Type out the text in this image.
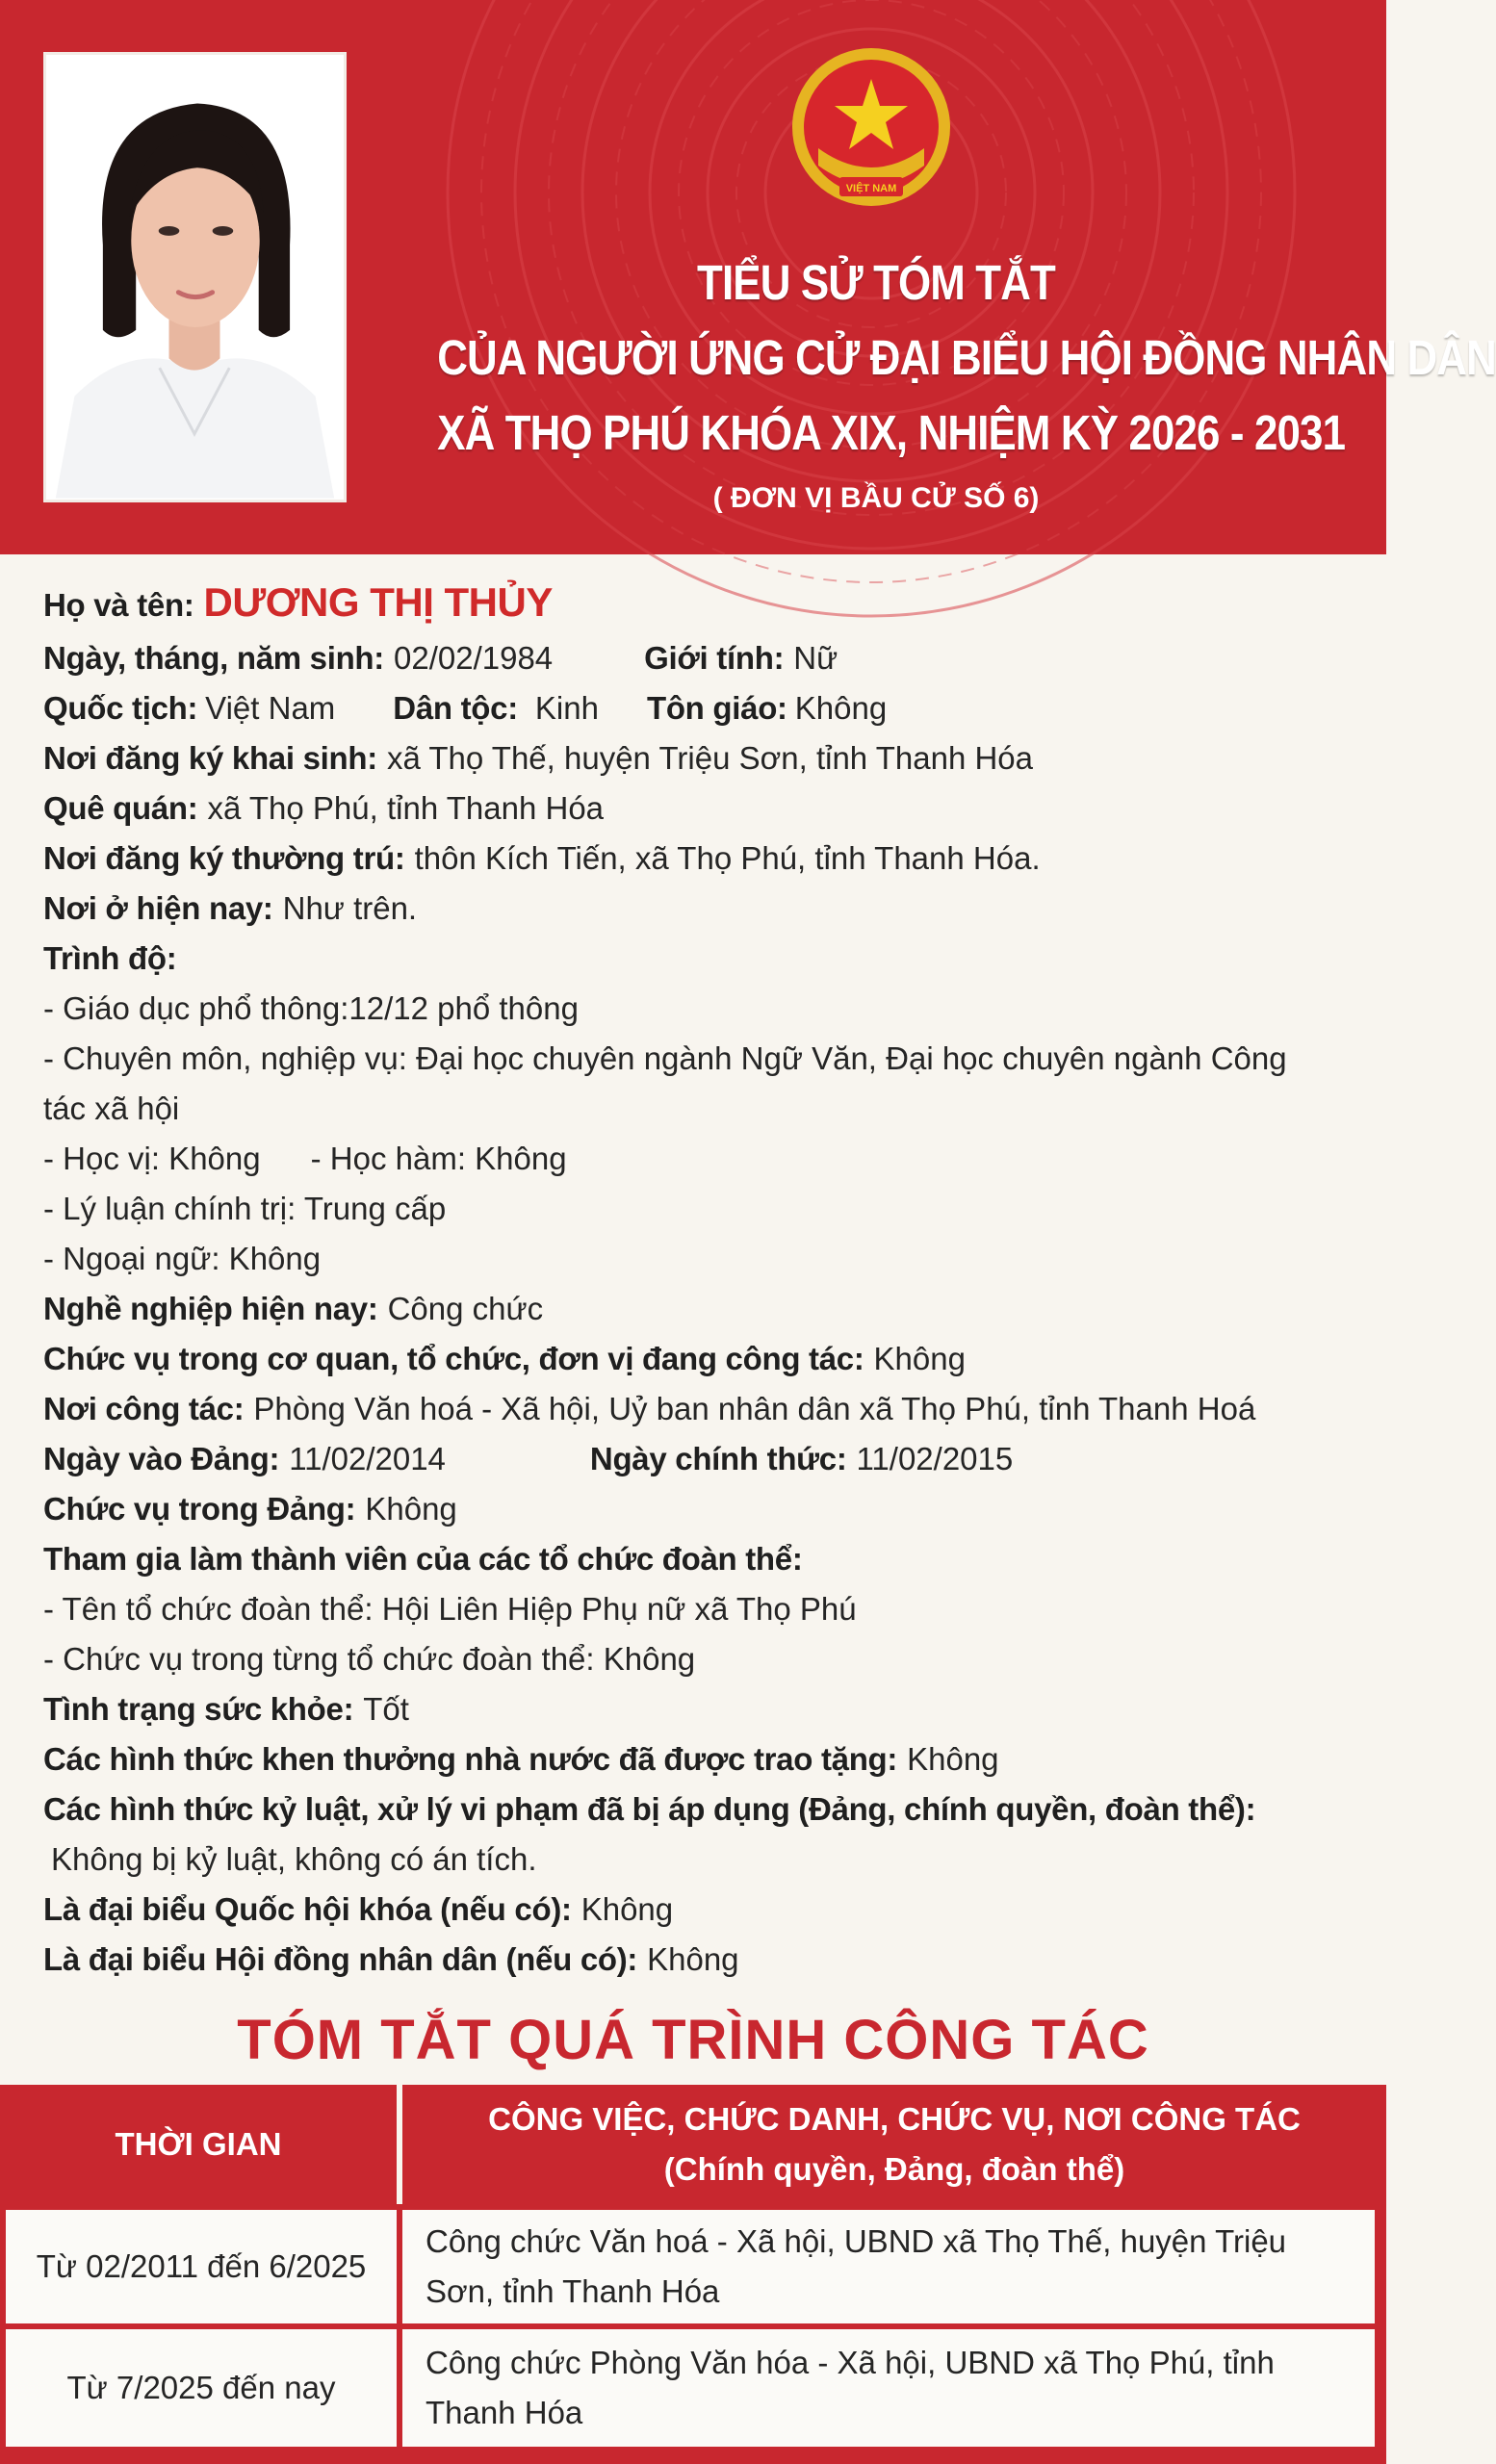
VIỆT NAM
TIỂU SỬ TÓM TẮT
CỦA NGƯỜI ỨNG CỬ ĐẠI BIỂU HỘI ĐỒNG NHÂN DÂN
XÃ THỌ PHÚ KHÓA XIX, NHIỆM KỲ 2026 - 2031
( ĐƠN VỊ BẦU CỬ SỐ 6)
Họ và tên: DƯƠNG THỊ THỦY
Ngày, tháng, năm sinh: 02/02/1984	Giới tính: Nữ
Quốc tịch: Việt Nam Dân tộc: Kinh Tôn giáo: Không
Nơi đăng ký khai sinh: xã Thọ Thế, huyện Triệu Sơn, tỉnh Thanh Hóa
Quê quán: xã Thọ Phú, tỉnh Thanh Hóa
Nơi đăng ký thường trú: thôn Kích Tiến, xã Thọ Phú, tỉnh Thanh Hóa.
Nơi ở hiện nay: Như trên.
Trình độ:
- Giáo dục phổ thông:12/12 phổ thông
- Chuyên môn, nghiệp vụ: Đại học chuyên ngành Ngữ Văn, Đại học chuyên ngành Công tác xã hội
- Học vị: Không - Học hàm: Không
- Lý luận chính trị: Trung cấp
- Ngoại ngữ: Không
Nghề nghiệp hiện nay: Công chức
Chức vụ trong cơ quan, tổ chức, đơn vị đang công tác: Không
Nơi công tác: Phòng Văn hoá - Xã hội, Uỷ ban nhân dân xã Thọ Phú, tỉnh Thanh Hoá
Ngày vào Đảng: 11/02/2014	Ngày chính thức: 11/02/2015
Chức vụ trong Đảng: Không
Tham gia làm thành viên của các tổ chức đoàn thể:
- Tên tổ chức đoàn thể: Hội Liên Hiệp Phụ nữ xã Thọ Phú
- Chức vụ trong từng tổ chức đoàn thể: Không
Tình trạng sức khỏe: Tốt
Các hình thức khen thưởng nhà nước đã được trao tặng: Không
Các hình thức kỷ luật, xử lý vi phạm đã bị áp dụng (Đảng, chính quyền, đoàn thể): Không bị kỷ luật, không có án tích.
Là đại biểu Quốc hội khóa (nếu có): Không
Là đại biểu Hội đồng nhân dân (nếu có): Không
TÓM TẮT QUÁ TRÌNH CÔNG TÁC
THỜI GIAN
CÔNG VIỆC, CHỨC DANH, CHỨC VỤ, NƠI CÔNG TÁC
(Chính quyền, Đảng, đoàn thể)
Từ 02/2011 đến 6/2025
Công chức Văn hoá - Xã hội, UBND xã Thọ Thế, huyện Triệu Sơn, tỉnh Thanh Hóa
Từ 7/2025 đến nay
Công chức Phòng Văn hóa - Xã hội, UBND xã Thọ Phú, tỉnh Thanh Hóa
